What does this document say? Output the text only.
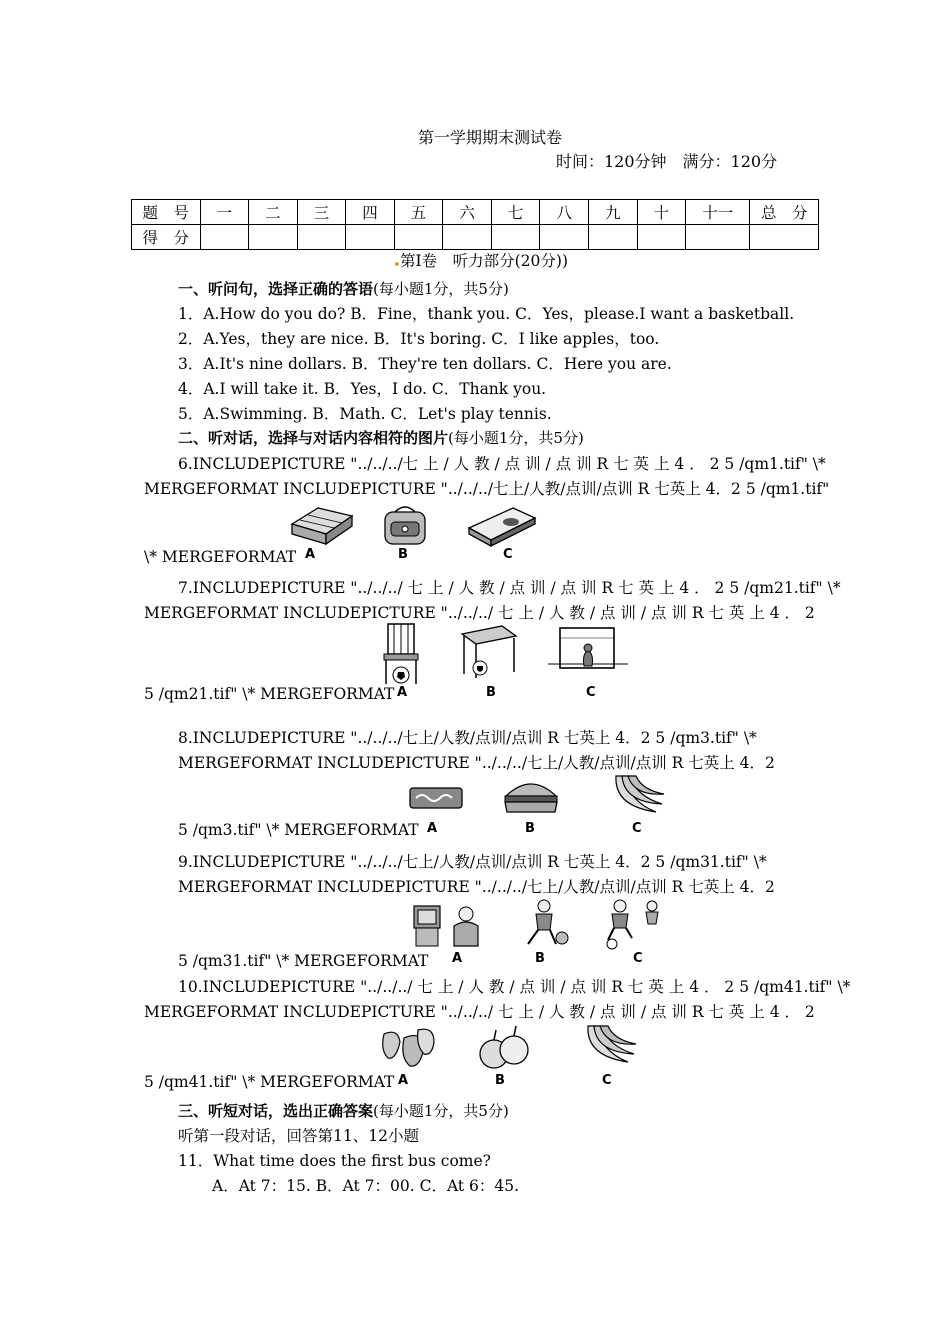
第一学期期末测试卷
时间：120分钟　满分：120分
题　号	一	二	三	四	五	六	七	八	九	十	十一	总　分
得　分												
第Ⅰ卷　听力部分(20分))
一、听问句，选择正确的答语(每小题1分，共5分)
1．A.How do you do? B．Fine，thank you. C．Yes，please.I want a basketball.
2．A.Yes，they are nice. B．It's boring. C．I like apples，too.
3．A.It's nine dollars. B．They're ten dollars. C．Here you are.
4．A.I will take it. B．Yes，I do. C．Thank you.
5．A.Swimming. B．Math. C．Let's play tennis.
二、听对话，选择与对话内容相符的图片(每小题1分，共5分)
6.INCLUDEPICTURE "../../../七 上 / 人 教 / 点 训 / 点 训 R 七 英 上 4 ． 2 5 /qm1.tif" \*
MERGEFORMAT INCLUDEPICTURE "../../../七上/人教/点训/点训 R 七英上 4．2 5 /qm1.tif"
\* MERGEFORMAT A	B	C
7.INCLUDEPICTURE "../../../ 七 上 / 人 教 / 点 训 / 点 训 R 七 英 上 4 ． 2 5 /qm21.tif" \*
MERGEFORMAT INCLUDEPICTURE "../../../ 七 上 / 人 教 / 点 训 / 点 训 R 七 英 上 4 ． 2
5 /qm21.tif" \* MERGEFORMAT A	B	C
8.INCLUDEPICTURE "../../../七上/人教/点训/点训 R 七英上 4．2 5 /qm3.tif" \*
MERGEFORMAT INCLUDEPICTURE "../../../七上/人教/点训/点训 R 七英上 4．2
5 /qm3.tif" \* MERGEFORMAT A	B	C
9.INCLUDEPICTURE "../../../七上/人教/点训/点训 R 七英上 4．2 5 /qm31.tif" \*
MERGEFORMAT INCLUDEPICTURE "../../../七上/人教/点训/点训 R 七英上 4．2
5 /qm31.tif" \* MERGEFORMAT A	B	C
10.INCLUDEPICTURE "../../../ 七 上 / 人 教 / 点 训 / 点 训 R 七 英 上 4 ． 2 5 /qm41.tif" \*
MERGEFORMAT INCLUDEPICTURE "../../../ 七 上 / 人 教 / 点 训 / 点 训 R 七 英 上 4 ． 2
5 /qm41.tif" \* MERGEFORMAT A	B	C
三、听短对话，选出正确答案(每小题1分，共5分)
听第一段对话，回答第11、12小题
11．What time does the first bus come?
A．At 7：15. B．At 7：00. C．At 6：45.
